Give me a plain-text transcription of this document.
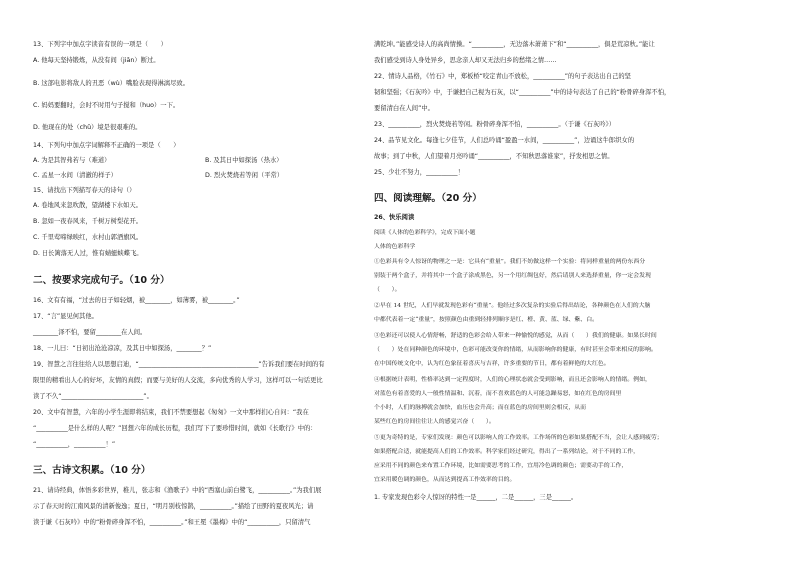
13、下列字中加点字读音有误的一项是（　　）
A. 他每天坚持锻炼，从没有间（jiān）断过。
B. 这部电影将敌人的丑恶（wù）嘴脸表现得淋漓尽致。
C. 妈妈要翻时，会时不时用勺子搅和（huo）一下。
D. 他现在的处（chǔ）境是很艰难的。
14、下列句中加点字词解释不正确的一项是（　　）
A. 为是其智弗若与（难道）	B. 及其日中如探汤（热水）
C. 孟星一水间（清澈的样子）	D. 烈火焚烧若等闲（平常）
15、请找出下列描写春天的诗句（）
A. 卷地风来忽吹散，望湖楼下水如天。
B. 忽如一夜春风来，千树万树梨花开。
C. 千里莺啼绿映红，水村山郭酒旗风。
D. 日长篱落无人过，惟有蜻蜓蛱蝶飞。
二、按要求完成句子。（10 分）
16、文有有福，“过去的日子如轻烟，被________，如薄雾，被________。”
17、“言”显见何其他。
________泽不怕，要留________在人间。
18、一儿曰：“日初出沧沧凉凉，及其日中如探汤，________？”
19、智慧之言往往给人以思想启迪，“______________________________________”告诉我们要在时间的有
限里的精看出人心的好坏，友情的真假；而要与美好的人交流，多向优秀的人学习，这样可以一句话更比
读了不久“__________________________”。
20、文中有智慧，六年的小学生涯即将结束，我们不禁要想起《匆匆》一文中那样扪心自问：“我在
“__________是什么样的人呢？”回想六年的成长历程，我们写下了要珍惜时间，就如《长歌行》中的：
“__________，__________！”
三、古诗文积累。（10 分）
21、请诗经典，体悟多彩世界，稚儿，张志和《渔歌子》中的“西塞山前白鹭飞，__________。”为我们展
示了春天时的江南风景的清新俊逸；夏日，“明月别枝惊鹊，__________。”描绘了田野的夏夜风光；请
读于谦《石灰吟》中的“粉骨碎身浑不怕，__________。”和王冕《墨梅》中的“__________，只留清气
满乾坤。”能感受诗人的高尚情操。“__________，无边落木萧萧下”和“__________，俱是荒凉秋。”能让
我们感受到诗人身处异乡，思念亲人却又无法归乡的愁绪之情……
22、情诗人品格，《竹石》中，郑板桥“咬定青山不放松，__________”的句子表达出自己的坚
韧和坚强；《石灰吟》中，于谦把自己视为石灰，以“__________”中的诗句表达了自己的“粉骨碎身浑不怕，
要留清白在人间”中。
23、__________，烈火焚烧若等闲。粉骨碎身浑不怕，__________。（于谦《石灰吟》）
24、品节见文化。每逢七夕佳节，人们总吟诵“盈盈一水间，__________”，边诵这牛郎织女的
故事；到了中秋，人们望着月亮吟诵“__________，不知秋思落谁家”，抒发相思之情。
25、少壮不努力，__________！
四、阅读理解。（20 分）
26、快乐阅读
阅读《人体的色彩科学》，完成下面小题
人体的色彩科学
①色彩具有令人惊讶的物理之一是：它具有“重量”。我们不妨做这样一个实验：将同样重量的两份东西分
别装于两个盒子，并将其中一个盒子涂成黑色，另一个用红绸包好，然后请别人来选择重量，你一定会发现
（　　）。
②早在 14 世纪，人们早就发现色彩有“重量”。他经过多次复杂的实验后得出结论，各种颜色在人们的大脑
中都代表着一定“重量”，按照颜色由重到轻排列顺序是红、橙、黄、蓝、绿、紫、白。
③色彩还可以使人心情舒畅，舒适的色彩会给人带来一种愉悦的感觉，从而（　　）我们的健康。如果长时间
（　　）处在同种颜色的环境中，色彩可能改变你的情绪，从而影响你的健康，有时甚至会带来相反的影响。
在中国传统文化中，认为红色象征着喜庆与吉祥，许多重要的节日，都有着鲜艳的大红色。
④根据统计表明，性格率达到一定程度时，人们的心理状态就会受到影响，而且还会影响人的情绪。例如，
对蓝色有着喜爱的人一般性情温和、沉着，而不喜欢蓝色的人可能急躁易怒，如在红色的房间里
个小时，人们的脉搏就会加快，血压也会升高；而在蓝色的房间里则会相反，从而
某些红色的房间往往让人的感觉兴奋（　　）。
⑤更为奇特的是，专家们发现：颜色可以影响人的工作效率。工作场所的色彩如果搭配不当，会让人感到疲劳；
如果搭配合适，就能提高人们的工作效率。科学家们经过研究，得出了一系列结论，对于不同的工作，
应采用不同的颜色来布置工作环境，比如需要思考的工作，宜用冷色调的颜色；需要动手的工作，
宜采用暖色调的颜色，从而达到提高工作效率的目的。
1. 专家发现色彩令人惊讶的特性一是______，二是______，三是______。
